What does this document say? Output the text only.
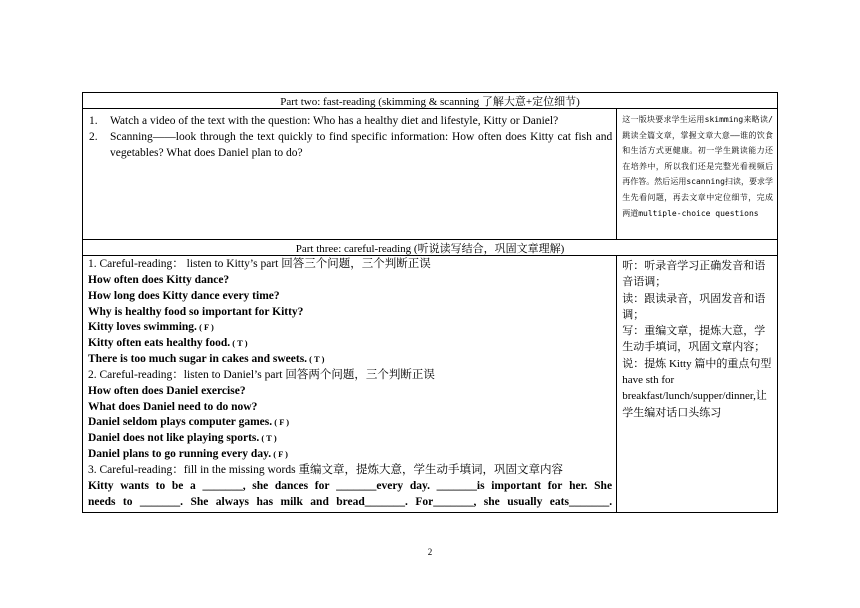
Part two: fast-reading (skimming & scanning 了解大意+定位细节)
1.	Watch a video of the text with the question: Who has a healthy diet and lifestyle, Kitty or Daniel?
2.	Scanning——look through the text quickly to find specific information: How often does Kitty cat fish and vegetables? What does Daniel plan to do?
这一版块要求学生运用skimming来略读/跳读全篇文章，掌握文章大意——谁的饮食和生活方式更健康。初一学生跳读能力还在培养中，所以我们还是完整光看视频后再作答。然后运用scanning扫读，要求学生先看问题，再去文章中定位细节，完成两道multiple-choice questions
Part three: careful-reading (听说读写结合，巩固文章理解)
1. Careful-reading： listen to Kitty’s part 回答三个问题，三个判断正误
How often does Kitty dance?
How long does Kitty dance every time?
Why is healthy food so important for Kitty?
Kitty loves swimming. ( F )
Kitty often eats healthy food. ( T )
There is too much sugar in cakes and sweets. ( T )
2. Careful-reading：listen to Daniel’s part 回答两个问题，三个判断正误
How often does Daniel exercise?
What does Daniel need to do now?
Daniel seldom plays computer games. ( F )
Daniel does not like playing sports. ( T )
Daniel plans to go running every day. ( F )
3. Careful-reading：fill in the missing words 重编文章，提炼大意，学生动手填词，巩固文章内容
Kitty wants to be a _______, she dances for _______every day. _______is important for her. She
needs to _______. She always has milk and bread_______. For_______, she usually eats_______.
听：听录音学习正确发音和语音语调；
读：跟读录音，巩固发音和语调；
写：重编文章，提炼大意，学生动手填词，巩固文章内容；
说：提炼 Kitty 篇中的重点句型 have sth for breakfast/lunch/supper/dinner,让学生编对话口头练习
2
